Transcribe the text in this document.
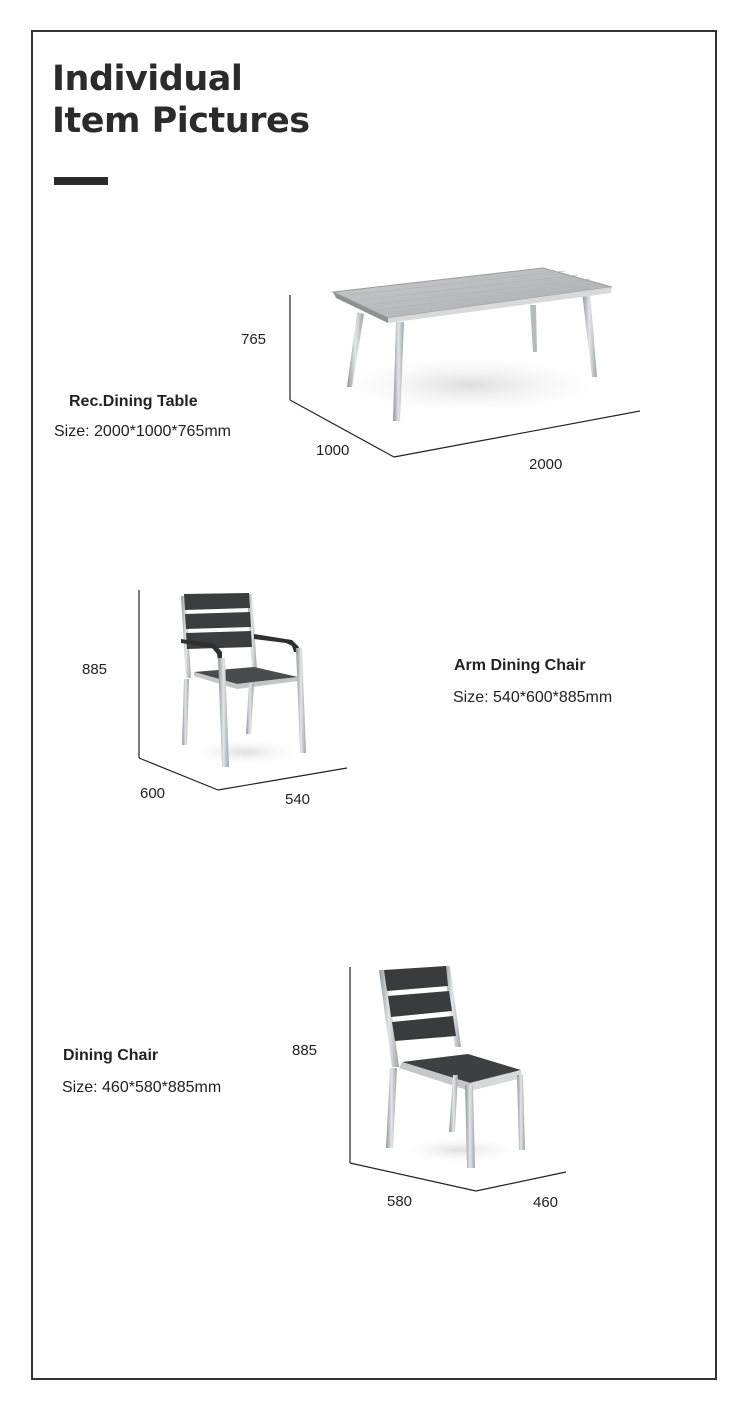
Individual
Item Pictures
Rec.Dining Table
Size: 2000*1000*765mm
765
1000
2000
Arm Dining Chair
Size: 540*600*885mm
885
600	540
Dining Chair
Size: 460*580*885mm
885
580	460
